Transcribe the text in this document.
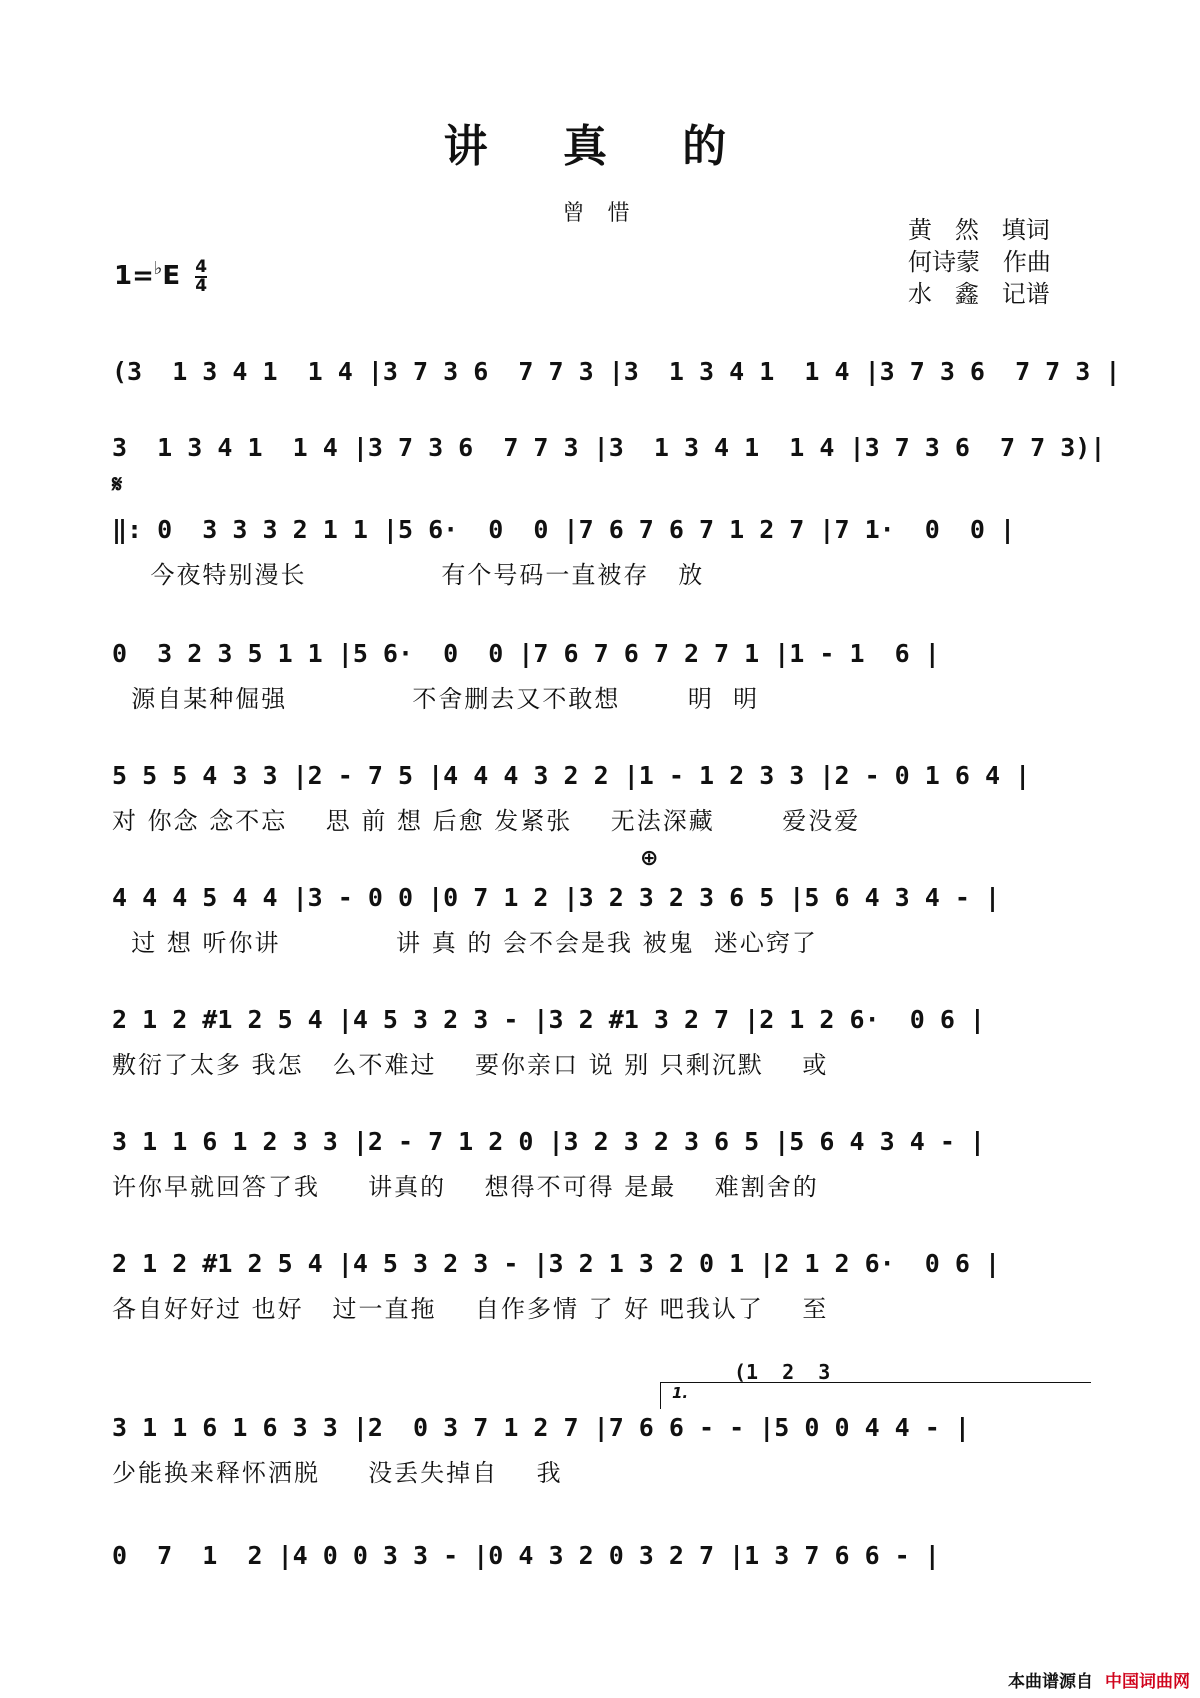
讲 真 的
曾 惜
黄   然   填词
何诗蒙   作曲
水   鑫   记谱
$1=^♭E \frac{4}{4}$
𝄋
⊕
1.
(1  2  3
(3  1 3 4 1  1 4 |3 7 3 6  7 7 3 |3  1 3 4 1  1 4 |3 7 3 6  7 7 3 |
3  1 3 4 1  1 4 |3 7 3 6  7 7 3 |3  1 3 4 1  1 4 |3 7 3 6  7 7 3)|
‖: 0  3 3 3 2 1 1 |5 6·  0  0 |7 6 7 6 7 1 2 7 |7 1·  0  0 |
今夜特别漫长              有个号码一直被存   放
0  3 2 3 5 1 1 |5 6·  0  0 |7 6 7 6 7 2 7 1 |1 - 1  6 |
源自某种倔强             不舍删去又不敢想       明  明
5 5 5 4 3 3 |2 - 7 5 |4 4 4 3 2 2 |1 - 1 2 3 3 |2 - 0 1 6 4 |
对 你念 念不忘    思 前 想 后愈 发紧张    无法深藏       爱没爱
4 4 4 5 4 4 |3 - 0 0 |0 7 1 2 |3 2 3 2 3 6 5 |5 6 4 3 4 - |
过 想 听你讲            讲 真 的 会不会是我 被鬼  迷心窍了
2 1 2 #1 2 5 4 |4 5 3 2 3 - |3 2 #1 3 2 7 |2 1 2 6·  0 6 |
敷衍了太多 我怎   么不难过    要你亲口 说 别 只剩沉默    或
3 1 1 6 1 2 3 3 |2 - 7 1 2 0 |3 2 3 2 3 6 5 |5 6 4 3 4 - |
许你早就回答了我     讲真的    想得不可得 是最    难割舍的
2 1 2 #1 2 5 4 |4 5 3 2 3 - |3 2 1 3 2 0 1 |2 1 2 6·  0 6 |
各自好好过 也好   过一直拖    自作多情 了 好 吧我认了    至
3 1 1 6 1 6 3 3 |2  0 3 7 1 2 7 |7 6 6 - - |5 0 0 4 4 - |
少能换来释怀洒脱     没丢失掉自    我
0  7  1  2 |4 0 0 3 3 - |0 4 3 2 0 3 2 7 |1 3 7 6 6 - |
本曲谱源自 中国词曲网
